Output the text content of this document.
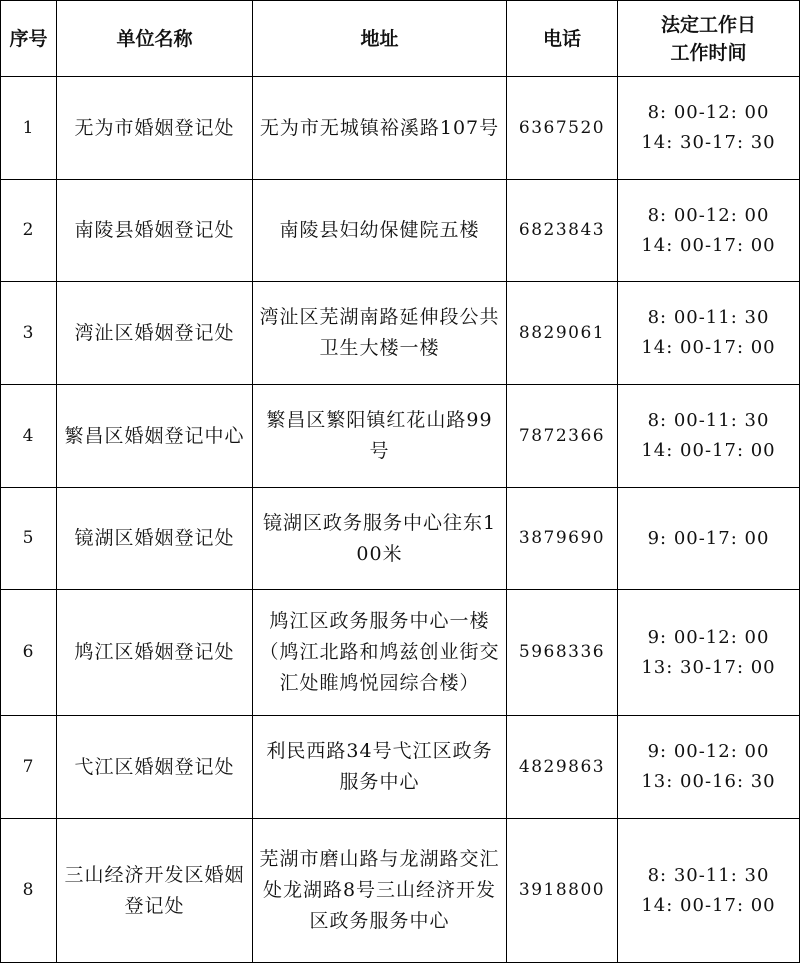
序号	单位名称	地址	电话	法定工作日
工作时间

1	无为市婚姻登记处	无为市无城镇裕溪路107号	6367520	8: 00-12: 00
14: 30-17: 30

2	南陵县婚姻登记处	南陵县妇幼保健院五楼	6823843	8: 00-12: 00
14: 00-17: 00

3	湾沚区婚姻登记处	湾沚区芜湖南路延伸段公共卫生大楼一楼	8829061	8: 00-11: 30
14: 00-17: 00

4	繁昌区婚姻登记中心	繁昌区繁阳镇红花山路99号	7872366	8: 00-11: 30
14: 00-17: 00

5	镜湖区婚姻登记处	镜湖区政务服务中心往东100米	3879690	9: 00-17: 00

6	鸠江区婚姻登记处	鸠江区政务服务中心一楼（鸠江北路和鸠兹创业街交汇处睢鸠悦园综合楼）	5968336	9: 00-12: 00
13: 30-17: 00

7	弋江区婚姻登记处	利民西路34号弋江区政务服务中心	4829863	9: 00-12: 00
13: 00-16: 30

8	三山经济开发区婚姻登记处	芜湖市磨山路与龙湖路交汇处龙湖路8号三山经济开发区政务服务中心	3918800	8: 30-11: 30
14: 00-17: 00
